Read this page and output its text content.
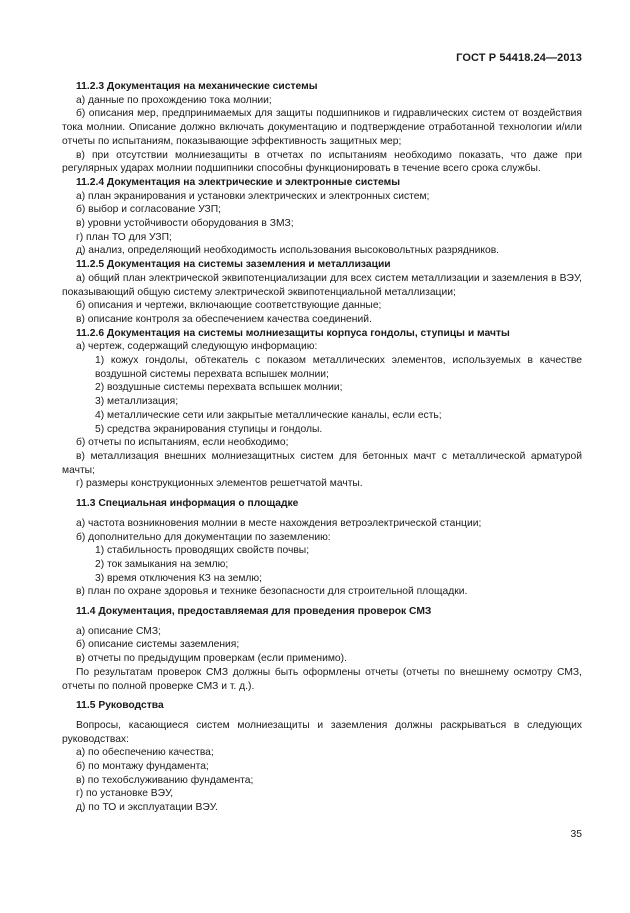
ГОСТ Р 54418.24—2013

11.2.3 Документация на механические системы

а) данные по прохождению тока молнии;

б) описания мер, предпринимаемых для защиты подшипников и гидравлических систем от воздействия тока молнии. Описание должно включать документацию и подтверждение отработанной технологии и/или отчеты по испытаниям, показывающие эффективность защитных мер;

в) при отсутствии молниезащиты в отчетах по испытаниям необходимо показать, что даже при регулярных ударах молнии подшипники способны функционировать в течение всего срока службы.

11.2.4 Документация на электрические и электронные системы

а) план экранирования и установки электрических и электронных систем;

б) выбор и согласование УЗП;

в) уровни устойчивости оборудования в ЗМЗ;

г) план ТО для УЗП;

д) анализ, определяющий необходимость использования высоковольтных разрядников.

11.2.5 Документация на системы заземления и металлизации

а) общий план электрической эквипотенциализации для всех систем металлизации и заземления в ВЭУ, показывающий общую систему электрической эквипотенциальной металлизации;

б) описания и чертежи, включающие соответствующие данные;

в) описание контроля за обеспечением качества соединений.

11.2.6 Документация на системы молниезащиты корпуса гондолы, ступицы и мачты

а) чертеж, содержащий следующую информацию:

1) кожух гондолы, обтекатель с показом металлических элементов, используемых в качестве воздушной системы перехвата вспышек молнии;

2) воздушные системы перехвата вспышек молнии;

3) металлизация;

4) металлические сети или закрытые металлические каналы, если есть;

5) средства экранирования ступицы и гондолы.

б) отчеты по испытаниям, если необходимо;

в) металлизация внешних молниезащитных систем для бетонных мачт с металлической арматурой мачты;

г) размеры конструкционных элементов решетчатой мачты.

11.3 Специальная информация о площадке

а) частота возникновения молнии в месте нахождения ветроэлектрической станции;

б) дополнительно для документации по заземлению:

1) стабильность проводящих свойств почвы;

2) ток замыкания на землю;

3) время отключения КЗ на землю;

в) план по охране здоровья и технике безопасности для строительной площадки.

11.4 Документация, предоставляемая для проведения проверок СМЗ

а) описание СМЗ;

б) описание системы заземления;

в) отчеты по предыдущим проверкам (если применимо).

По результатам проверок СМЗ должны быть оформлены отчеты (отчеты по внешнему осмотру СМЗ, отчеты по полной проверке СМЗ и т. д.).

11.5 Руководства

Вопросы, касающиеся систем молниезащиты и заземления должны раскрываться в следующих руководствах:

а) по обеспечению качества;

б) по монтажу фундамента;

в) по техобслуживанию фундамента;

г) по установке ВЭУ,

д) по ТО и эксплуатации ВЭУ.

35
